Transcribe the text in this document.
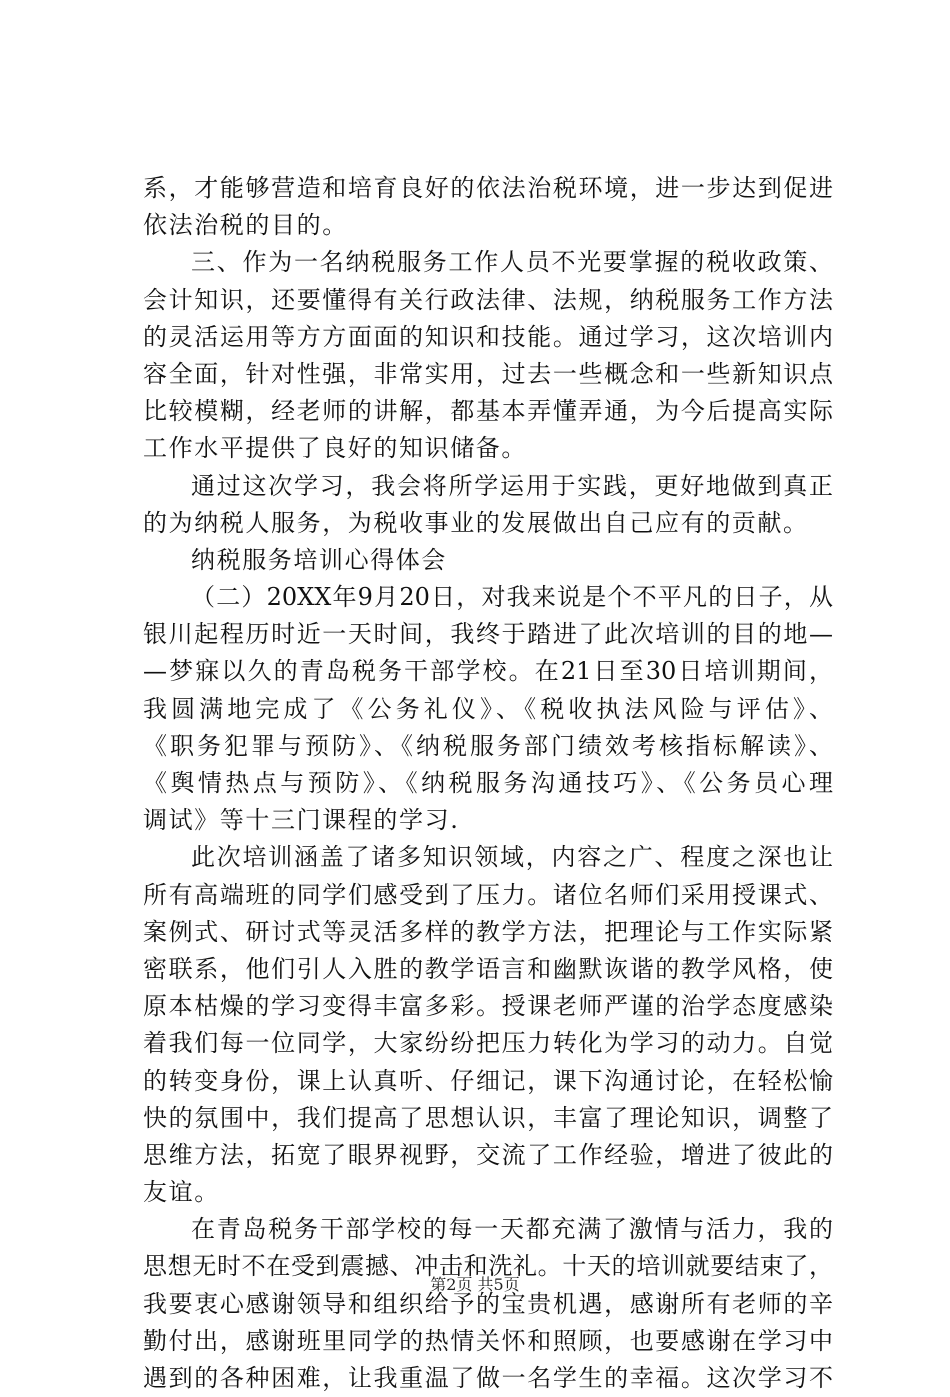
系，才能够营造和培育良好的依法治税环境，进一步达到促进
依法治税的目的。
三、作为一名纳税服务工作人员不光要掌握的税收政策、
会计知识，还要懂得有关行政法律、法规，纳税服务工作方法
的灵活运用等方方面面的知识和技能。通过学习，这次培训内
容全面，针对性强，非常实用，过去一些概念和一些新知识点
比较模糊，经老师的讲解，都基本弄懂弄通，为今后提高实际
工作水平提供了良好的知识储备。
通过这次学习，我会将所学运用于实践，更好地做到真正
的为纳税人服务，为税收事业的发展做出自己应有的贡献。
纳税服务培训心得体会
（二）20XX年9月20日，对我来说是个不平凡的日子，从
银川起程历时近一天时间，我终于踏进了此次培训的目的地—
—梦寐以久的青岛税务干部学校。在21日至30日培训期间，
我圆满地完成了《公务礼仪》、《税收执法风险与评估》、
《职务犯罪与预防》、《纳税服务部门绩效考核指标解读》、
《舆情热点与预防》、《纳税服务沟通技巧》、《公务员心理
调试》等十三门课程的学习.
此次培训涵盖了诸多知识领域，内容之广、程度之深也让
所有高端班的同学们感受到了压力。诸位名师们采用授课式、
案例式、研讨式等灵活多样的教学方法，把理论与工作实际紧
密联系，他们引人入胜的教学语言和幽默诙谐的教学风格，使
原本枯燥的学习变得丰富多彩。授课老师严谨的治学态度感染
着我们每一位同学，大家纷纷把压力转化为学习的动力。自觉
的转变身份，课上认真听、仔细记，课下沟通讨论，在轻松愉
快的氛围中，我们提高了思想认识，丰富了理论知识，调整了
思维方法，拓宽了眼界视野，交流了工作经验，增进了彼此的
友谊。
在青岛税务干部学校的每一天都充满了激情与活力，我的
思想无时不在受到震撼、冲击和洗礼。十天的培训就要结束了，
我要衷心感谢领导和组织给予的宝贵机遇，感谢所有老师的辛
勤付出，感谢班里同学的热情关怀和照顾，也要感谢在学习中
遇到的各种困难，让我重温了做一名学生的幸福。这次学习不
第2页 共5页
